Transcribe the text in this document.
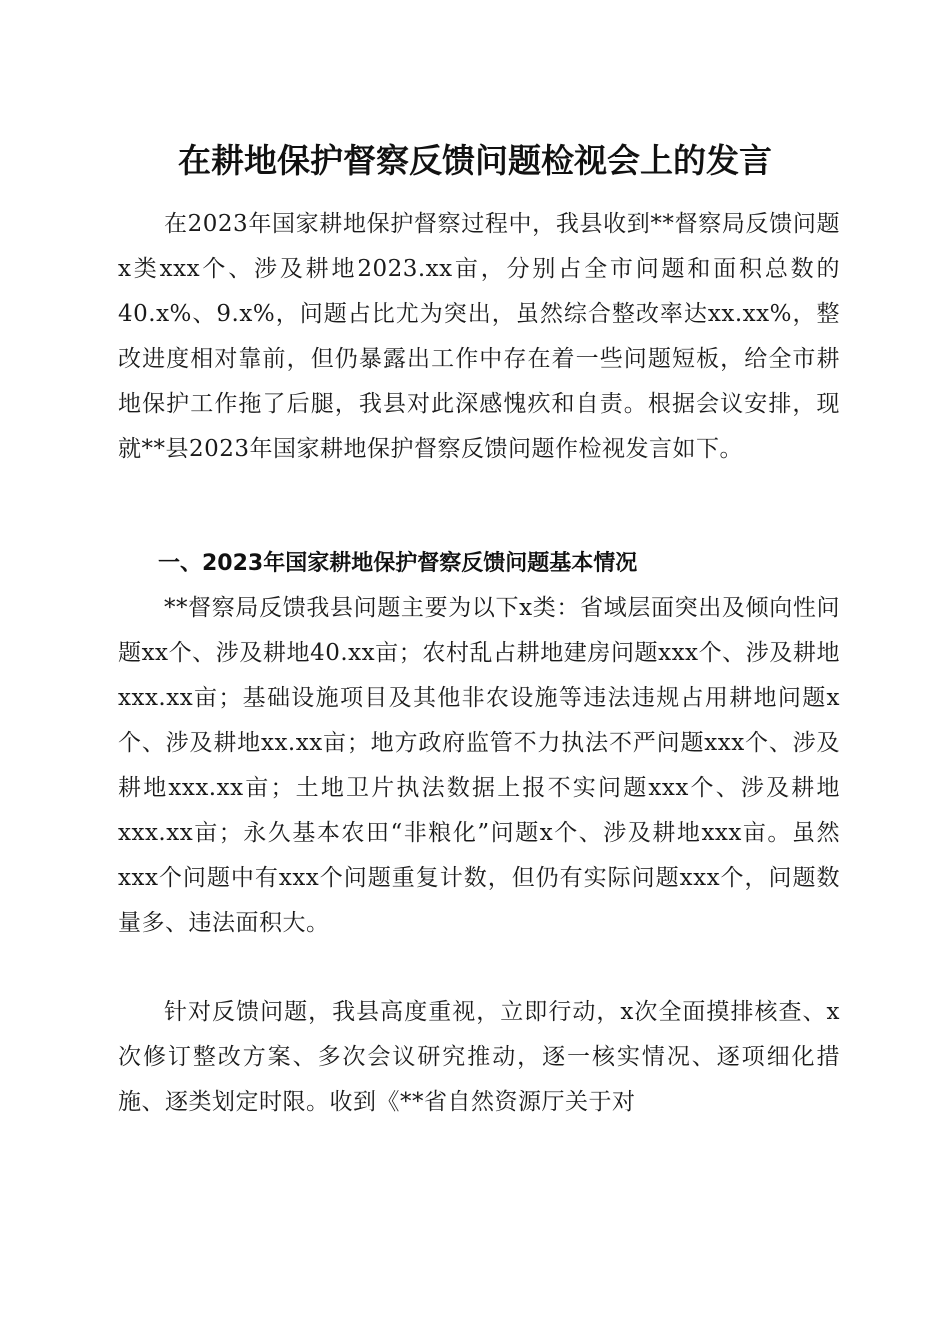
在耕地保护督察反馈问题检视会上的发言

在2023年国家耕地保护督察过程中，我县收到**督察局反馈问题x类xxx个、涉及耕地2023.xx亩，分别占全市问题和面积总数的40.x%、9.x%，问题占比尤为突出，虽然综合整改率达xx.xx%，整改进度相对靠前，但仍暴露出工作中存在着一些问题短板，给全市耕地保护工作拖了后腿，我县对此深感愧疚和自责。根据会议安排，现就**县2023年国家耕地保护督察反馈问题作检视发言如下。

一、2023年国家耕地保护督察反馈问题基本情况

**督察局反馈我县问题主要为以下x类：省域层面突出及倾向性问题xx个、涉及耕地40.xx亩；农村乱占耕地建房问题xxx个、涉及耕地xxx.xx亩；基础设施项目及其他非农设施等违法违规占用耕地问题x个、涉及耕地xx.xx亩；地方政府监管不力执法不严问题xxx个、涉及耕地xxx.xx亩；土地卫片执法数据上报不实问题xxx个、涉及耕地xxx.xx亩；永久基本农田“非粮化”问题x个、涉及耕地xxx亩。虽然xxx个问题中有xxx个问题重复计数，但仍有实际问题xxx个，问题数量多、违法面积大。

针对反馈问题，我县高度重视，立即行动，x次全面摸排核查、x次修订整改方案、多次会议研究推动，逐一核实情况、逐项细化措施、逐类划定时限。收到《**省自然资源厅关于对
